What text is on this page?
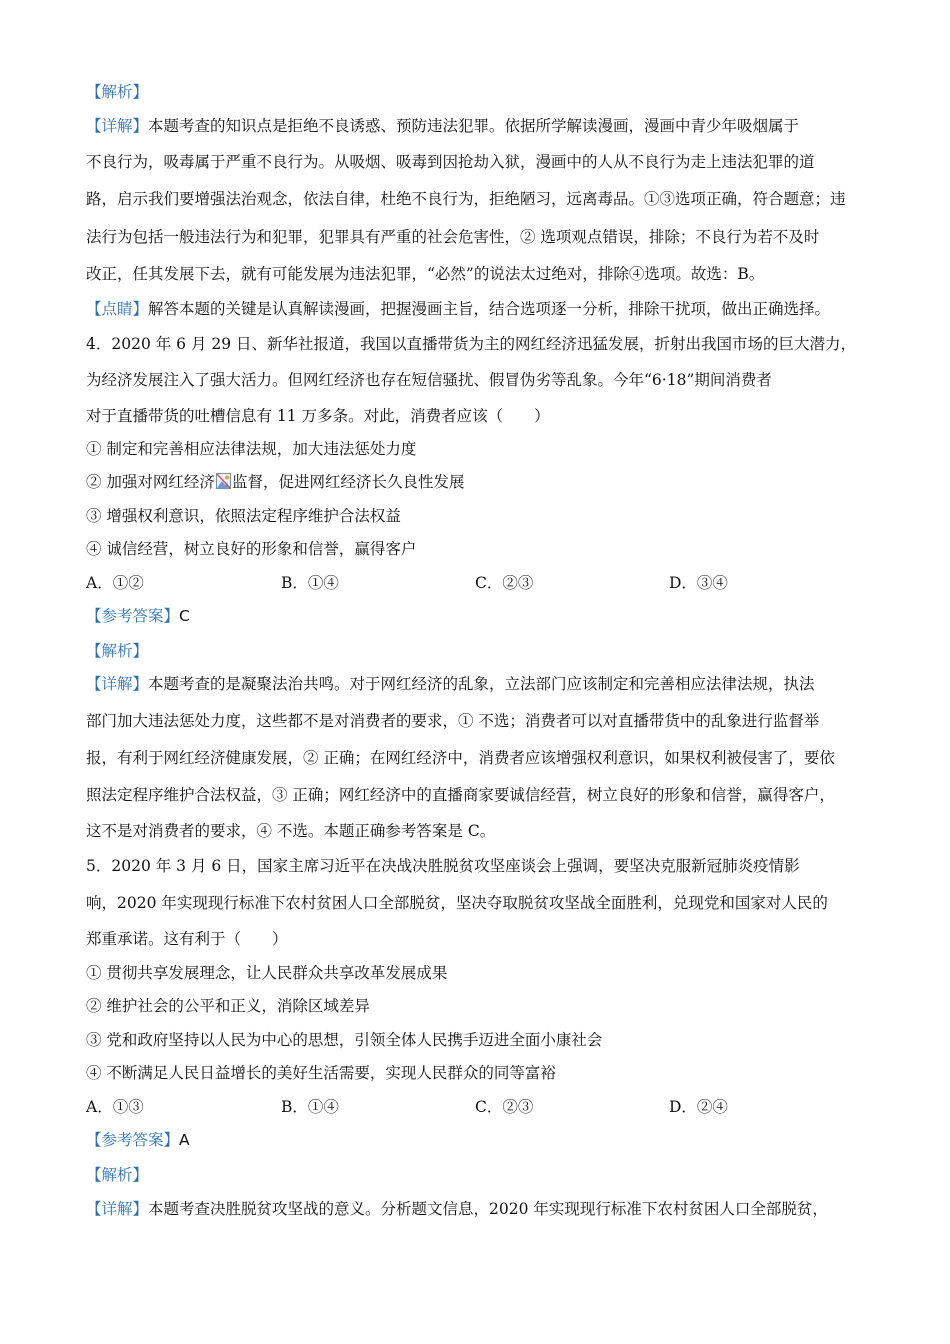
【解析】
【详解】本题考查的知识点是拒绝不良诱惑、预防违法犯罪。依据所学解读漫画，漫画中青少年吸烟属于
不良行为，吸毒属于严重不良行为。从吸烟、吸毒到因抢劫入狱，漫画中的人从不良行为走上违法犯罪的道
路，启示我们要增强法治观念，依法自律，杜绝不良行为，拒绝陋习，远离毒品。①③选项正确，符合题意；违
法行为包括一般违法行为和犯罪，犯罪具有严重的社会危害性，② 选项观点错误，排除；不良行为若不及时
改正，任其发展下去，就有可能发展为违法犯罪，“必然”的说法太过绝对，排除④选项。故选：B。
【点睛】解答本题的关键是认真解读漫画，把握漫画主旨，结合选项逐一分析，排除干扰项，做出正确选择。
4．2020 年 6 月 29 日、新华社报道，我国以直播带货为主的网红经济迅猛发展，折射出我国市场的巨大潜力，
为经济发展注入了强大活力。但网红经济也存在短信骚扰、假冒伪劣等乱象。今年“6·18”期间消费者
对于直播带货的吐槽信息有 11 万多条。对此，消费者应该（　　）
① 制定和完善相应法律法规，加大违法惩处力度
② 加强对网红经济 监督，促进网红经济长久良性发展
③ 增强权利意识，依照法定程序维护合法权益
④ 诚信经营，树立良好的形象和信誉，赢得客户
A．①②	B．①④	C．②③	D．③④
【参考答案】C
【解析】
【详解】本题考查的是凝聚法治共鸣。对于网红经济的乱象，立法部门应该制定和完善相应法律法规，执法
部门加大违法惩处力度，这些都不是对消费者的要求，① 不选；消费者可以对直播带货中的乱象进行监督举
报，有利于网红经济健康发展，② 正确；在网红经济中，消费者应该增强权利意识，如果权利被侵害了，要依
照法定程序维护合法权益，③ 正确；网红经济中的直播商家要诚信经营，树立良好的形象和信誉，赢得客户，
这不是对消费者的要求，④ 不选。本题正确参考答案是 C。
5．2020 年 3 月 6 日，国家主席习近平在决战决胜脱贫攻坚座谈会上强调，要坚决克服新冠肺炎疫情影
响，2020 年实现现行标准下农村贫困人口全部脱贫，坚决夺取脱贫攻坚战全面胜利，兑现党和国家对人民的
郑重承诺。这有利于（　　）
① 贯彻共享发展理念，让人民群众共享改革发展成果
② 维护社会的公平和正义，消除区域差异
③ 党和政府坚持以人民为中心的思想，引领全体人民携手迈进全面小康社会
④ 不断满足人民日益增长的美好生活需要，实现人民群众的同等富裕
A．①③	B．①④	C．②③	D．②④
【参考答案】A
【解析】
【详解】本题考查决胜脱贫攻坚战的意义。分析题文信息，2020 年实现现行标准下农村贫困人口全部脱贫，
